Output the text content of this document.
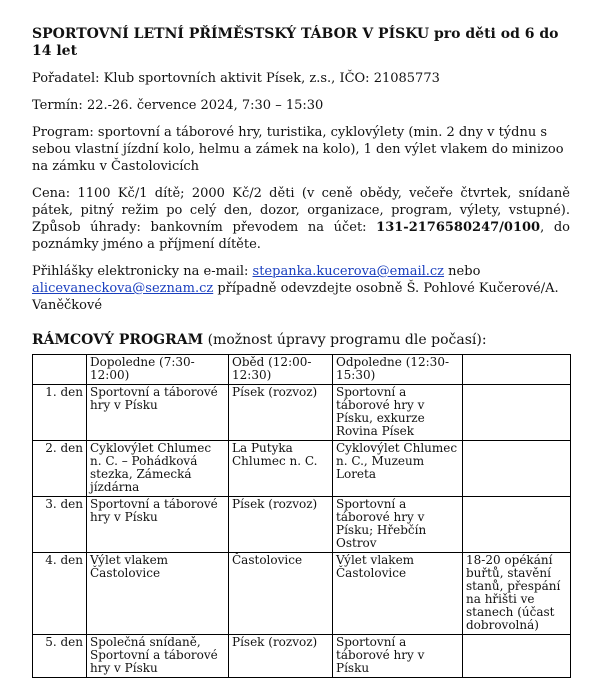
SPORTOVNÍ LETNÍ PŘÍMĚSTSKÝ TÁBOR V PÍSKU pro děti od 6 do 14 let

Pořadatel: Klub sportovních aktivit Písek, z.s., IČO: 21085773

Termín: 22.-26. července 2024, 7:30 – 15:30

Program: sportovní a táborové hry, turistika, cyklovýlety (min. 2 dny v týdnu s sebou vlastní jízdní kolo, helmu a zámek na kolo), 1 den výlet vlakem do minizoo na zámku v Častolovicích

Cena: 1100 Kč/1 dítě; 2000 Kč/2 děti (v ceně obědy, večeře čtvrtek, snídaně pátek, pitný režim po celý den, dozor, organizace, program, výlety, vstupné). Způsob úhrady: bankovním převodem na účet: 131-2176580247/0100, do poznámky jméno a příjmení dítěte.

Přihlášky elektronicky na e-mail: stepanka.kucerova@email.cz nebo alicevaneckova@seznam.cz případně odevzdejte osobně Š. Pohlové Kučerové/A. Vaněčkové

RÁMCOVÝ PROGRAM (možnost úpravy programu dle počasí):

	Dopoledne (7:30-12:00)	Oběd (12:00-12:30)	Odpoledne (12:30-15:30)	
1. den	Sportovní a táborové hry v Písku	Písek (rozvoz)	Sportovní a táborové hry v Písku, exkurze Rovina Písek	
2. den	Cyklovýlet Chlumec n. C. – Pohádková stezka, Zámecká jízdárna	La Putyka Chlumec n. C.	Cyklovýlet Chlumec n. C., Muzeum Loreta	
3. den	Sportovní a táborové hry v Písku	Písek (rozvoz)	Sportovní a táborové hry v Písku; Hřebčín Ostrov	
4. den	Výlet vlakem Častolovice	Častolovice	Výlet vlakem Častolovice	18-20 opékání buřtů, stavění stanů, přespání na hřišti ve stanech (účast dobrovolná)
5. den	Společná snídaně, Sportovní a táborové hry v Písku	Písek (rozvoz)	Sportovní a táborové hry v Písku	
